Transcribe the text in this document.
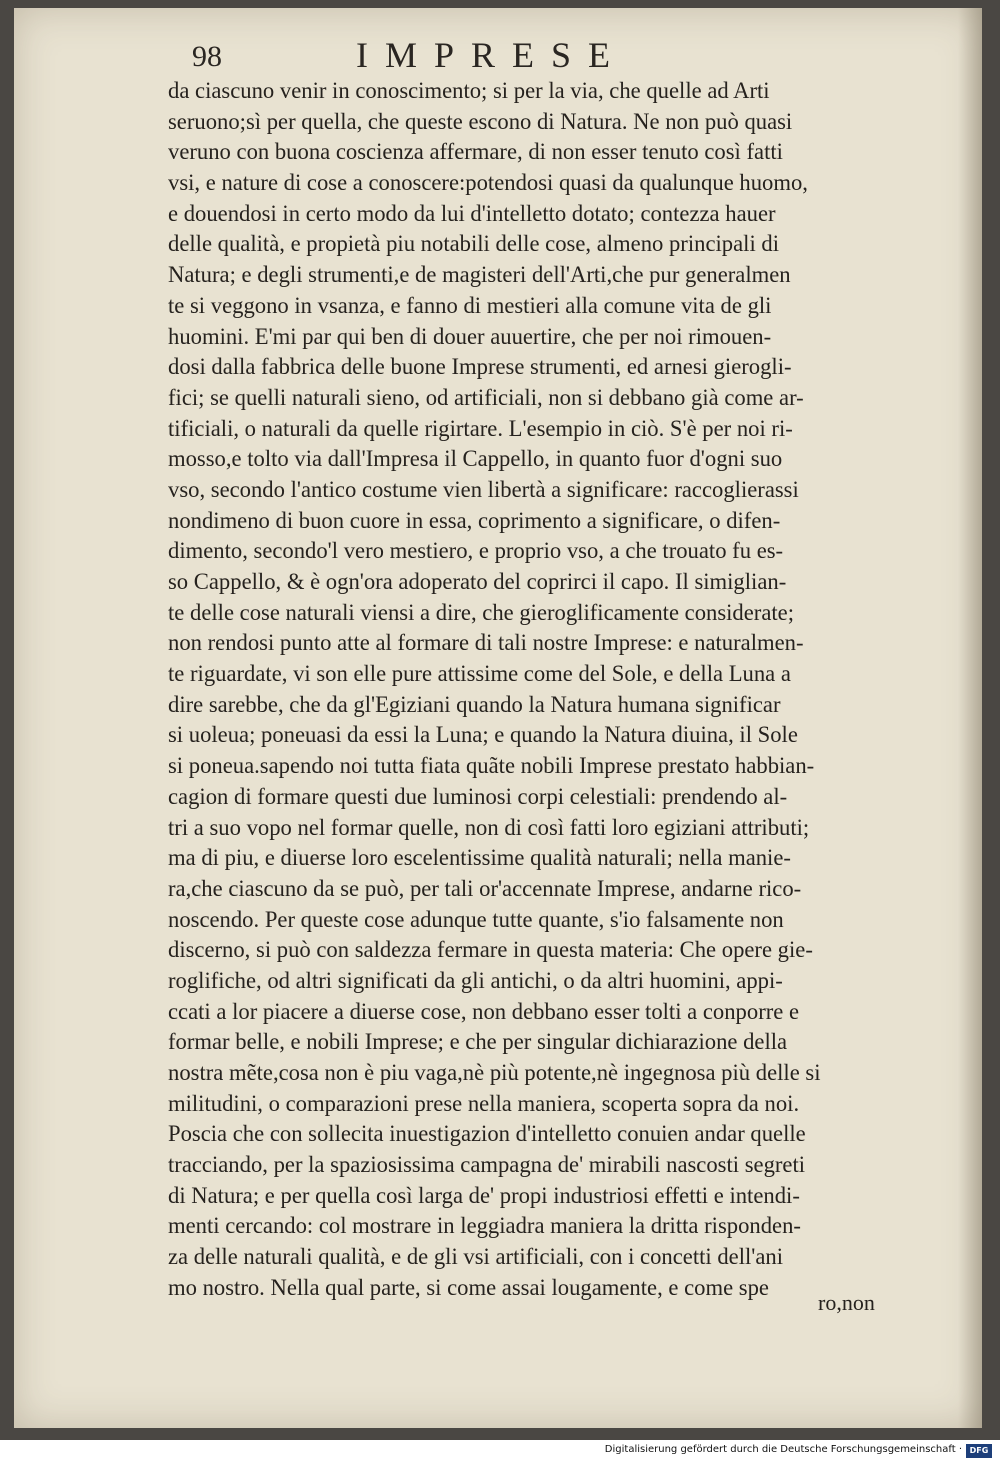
98	IMPRESE
da ciascuno venir in conoscimento; si per la via, che quelle ad Arti
seruono;sì per quella, che queste escono di Natura. Ne non può quasi
veruno con buona coscienza affermare, di non esser tenuto così fatti
vsi, e nature di cose a conoscere:potendosi quasi da qualunque huomo,
e douendosi in certo modo da lui d'intelletto dotato; contezza hauer
delle qualità, e propietà piu notabili delle cose, almeno principali di
Natura; e degli strumenti,e de magisteri dell'Arti,che pur generalmen
te si veggono in vsanza, e fanno di mestieri alla comune vita de gli
huomini. E'mi par qui ben di douer auuertire, che per noi rimouen-
dosi dalla fabbrica delle buone Imprese strumenti, ed arnesi gierogli-
fici; se quelli naturali sieno, od artificiali, non si debbano già come ar-
tificiali, o naturali da quelle rigirtare. L'esempio in ciò. S'è per noi ri-
mosso,e tolto via dall'Impresa il Cappello, in quanto fuor d'ogni suo
vso, secondo l'antico costume vien libertà a significare: raccoglierassi
nondimeno di buon cuore in essa, coprimento a significare, o difen-
dimento, secondo'l vero mestiero, e proprio vso, a che trouato fu es-
so Cappello, & è ogn'ora adoperato del coprirci il capo. Il simiglian-
te delle cose naturali viensi a dire, che gieroglificamente considerate;
non rendosi punto atte al formare di tali nostre Imprese: e naturalmen-
te riguardate, vi son elle pure attissime come del Sole, e della Luna a
dire sarebbe, che da gl'Egiziani quando la Natura humana significar
si uoleua; poneuasi da essi la Luna; e quando la Natura diuina, il Sole
si poneua.sapendo noi tutta fiata quãte nobili Imprese prestato habbian-
cagion di formare questi due luminosi corpi celestiali: prendendo al-
tri a suo vopo nel formar quelle, non di così fatti loro egiziani attributi;
ma di piu, e diuerse loro escelentissime qualità naturali; nella manie-
ra,che ciascuno da se può, per tali or'accennate Imprese, andarne rico-
noscendo. Per queste cose adunque tutte quante, s'io falsamente non
discerno, si può con saldezza fermare in questa materia: Che opere gie-
roglifiche, od altri significati da gli antichi, o da altri huomini, appi-
ccati a lor piacere a diuerse cose, non debbano esser tolti a conporre e
formar belle, e nobili Imprese; e che per singular dichiarazione della
nostra mẽte,cosa non è piu vaga,nè più potente,nè ingegnosa più delle si
militudini, o comparazioni prese nella maniera, scoperta sopra da noi.
Poscia che con sollecita inuestigazion d'intelletto conuien andar quelle
tracciando, per la spaziosissima campagna de' mirabili nascosti segreti
di Natura; e per quella così larga de' propi industriosi effetti e intendi-
menti cercando: col mostrare in leggiadra maniera la dritta risponden-
za delle naturali qualità, e de gli vsi artificiali, con i concetti dell'ani
mo nostro. Nella qual parte, si come assai lougamente, e come spe
ro,non
Digitalisierung gefördert durch die Deutsche Forschungsgemeinschaft · DFG
